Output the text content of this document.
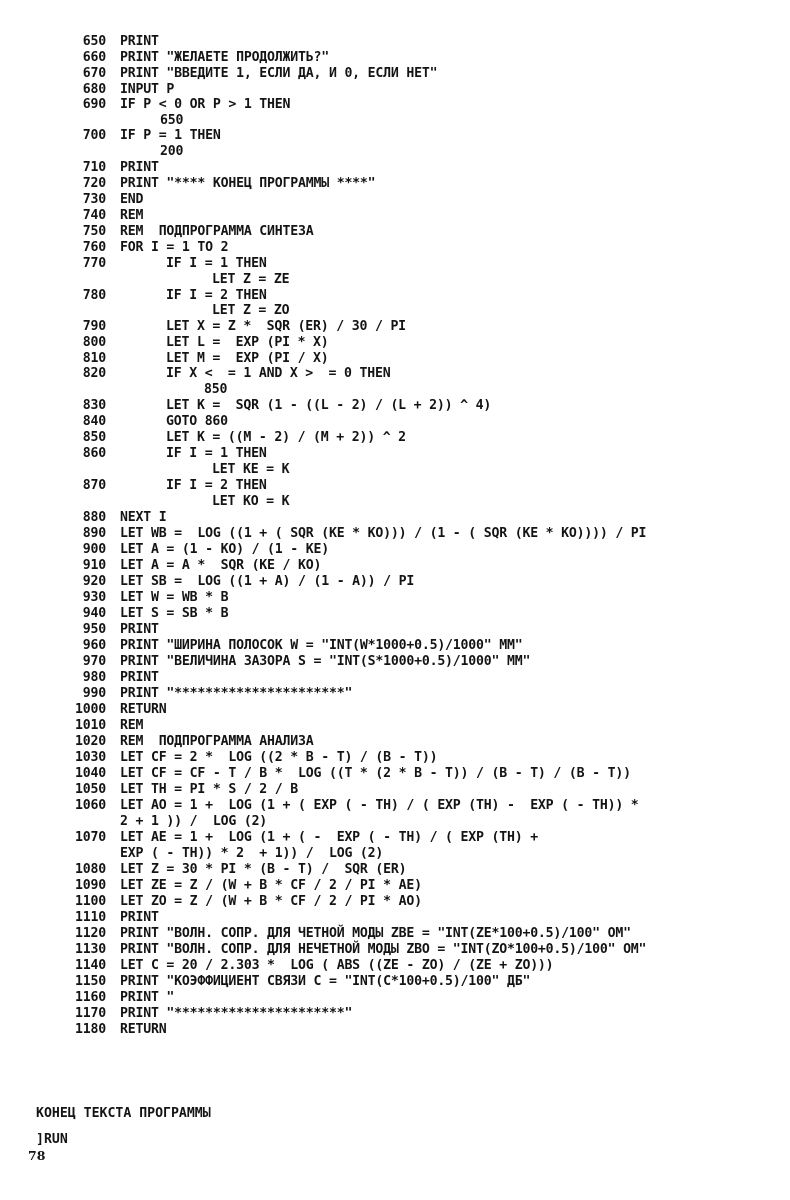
650 PRINT
660 PRINT "ЖЕЛАЕТЕ ПРОДОЛЖИТЬ?"
670 PRINT "ВВЕДИТЕ 1, ЕСЛИ ДА, И 0, ЕСЛИ НЕТ"
680 INPUT P
690 IF P < 0 OR P > 1 THEN
650
700 IF P = 1 THEN
200
710 PRINT
720 PRINT "**** КОНЕЦ ПРОГРАММЫ ****"
730 END
740 REM
750 REM  ПОДПРОГРАММА СИНТЕЗА
760 FOR I = 1 TO 2
770	IF I = 1 THEN
LET Z = ZE
780	IF I = 2 THEN
LET Z = ZO
790	LET X = Z *  SQR (ER) / 30 / PI
800	LET L =  EXP (PI * X)
810	LET M =  EXP (PI / X)
820	IF X <  = 1 AND X >  = 0 THEN
850
830	LET K =  SQR (1 - ((L - 2) / (L + 2)) ^ 4)
840	GOTO 860
850	LET K = ((M - 2) / (M + 2)) ^ 2
860	IF I = 1 THEN
LET KE = K
870	IF I = 2 THEN
LET KO = K
880 NEXT I
890 LET WB =  LOG ((1 + ( SQR (KE * KO))) / (1 - ( SQR (KE * KO)))) / PI
900 LET A = (1 - KO) / (1 - KE)
910 LET A = A *  SQR (KE / KO)
920 LET SB =  LOG ((1 + A) / (1 - A)) / PI
930 LET W = WB * B
940 LET S = SB * B
950 PRINT
960 PRINT "ШИРИНА ПОЛОСОК W = "INT(W*1000+0.5)/1000" ММ"
970 PRINT "ВЕЛИЧИНА ЗАЗОРА S = "INT(S*1000+0.5)/1000" ММ"
980 PRINT
990 PRINT "**********************"
1000 RETURN
1010 REM
1020 REM  ПОДПРОГРАММА АНАЛИЗА
1030 LET CF = 2 *  LOG ((2 * B - T) / (B - T))
1040 LET CF = CF - T / B *  LOG ((T * (2 * B - T)) / (B - T) / (B - T))
1050 LET TH = PI * S / 2 / B
1060 LET AO = 1 +  LOG (1 + ( EXP ( - TH) / ( EXP (TH) -  EXP ( - TH)) *
2 + 1 )) /  LOG (2)
1070 LET AE = 1 +  LOG (1 + ( -  EXP ( - TH) / ( EXP (TH) +
EXP ( - TH)) * 2  + 1)) /  LOG (2)
1080 LET Z = 30 * PI * (B - T) /  SQR (ER)
1090 LET ZE = Z / (W + B * CF / 2 / PI * AE)
1100 LET ZO = Z / (W + B * CF / 2 / PI * AO)
1110 PRINT
1120 PRINT "ВОЛН. СОПР. ДЛЯ ЧЕТНОЙ МОДЫ ZBE = "INT(ZE*100+0.5)/100" ОМ"
1130 PRINT "ВОЛН. СОПР. ДЛЯ НЕЧЕТНОЙ МОДЫ ZBO = "INT(ZO*100+0.5)/100" ОМ"
1140 LET C = 20 / 2.303 *  LOG ( ABS ((ZE - ZO) / (ZE + ZO)))
1150 PRINT "КОЭФФИЦИЕНТ СВЯЗИ C = "INT(C*100+0.5)/100" ДБ"
1160 PRINT "
1170 PRINT "**********************"
1180 RETURN
КОНЕЦ ТЕКСТА ПРОГРАММЫ
]RUN
78
